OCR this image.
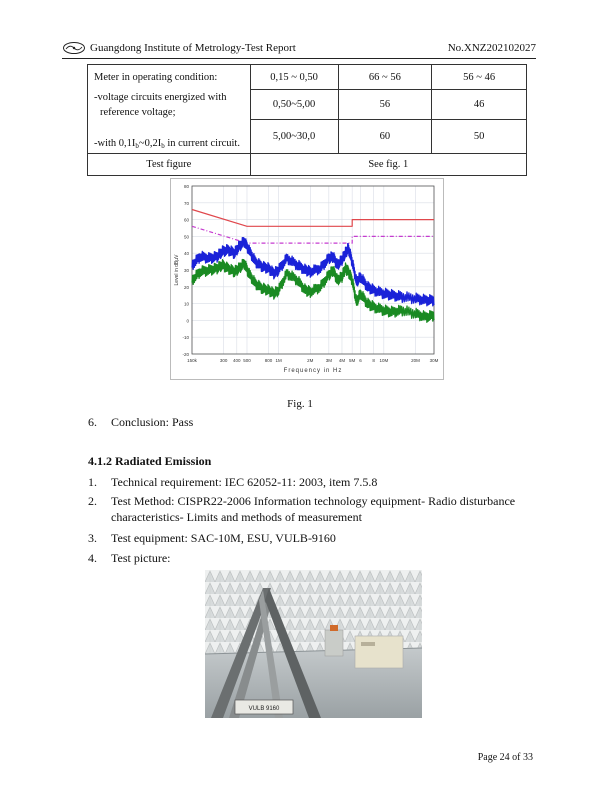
Guangdong Institute of Metrology-Test Report	No.XNZ202102027
Meter in operating condition:	0,15 ~ 0,50	66 ~ 56	56 ~ 46
-voltage circuits energized with
reference voltage;	0,50~5,00	56	46
-with $0,1I_b\sim 0,2I_b$ in current circuit.	5,00~30,0	60	50
Test figure	See fig. 1		
80
70
60
50
40
30
20
10
0
-10
-20
150k	300 400 500	800 1M	2M	3M 4M 5M 6 8 10M	20M 30M
Level in dBµV
Frequency in Hz
Fig. 1
6. Conclusion: Pass
4.1.2 Radiated Emission
1. Technical requirement: IEC 62052-11: 2003, item 7.5.8
2. Test Method: CISPR22-2006 Information technology equipment- Radio disturbance
characteristics- Limits and methods of measurement
3. Test equipment: SAC-10M, ESU, VULB-9160
4. Test picture:
VULB 9160
Page 24 of 33
